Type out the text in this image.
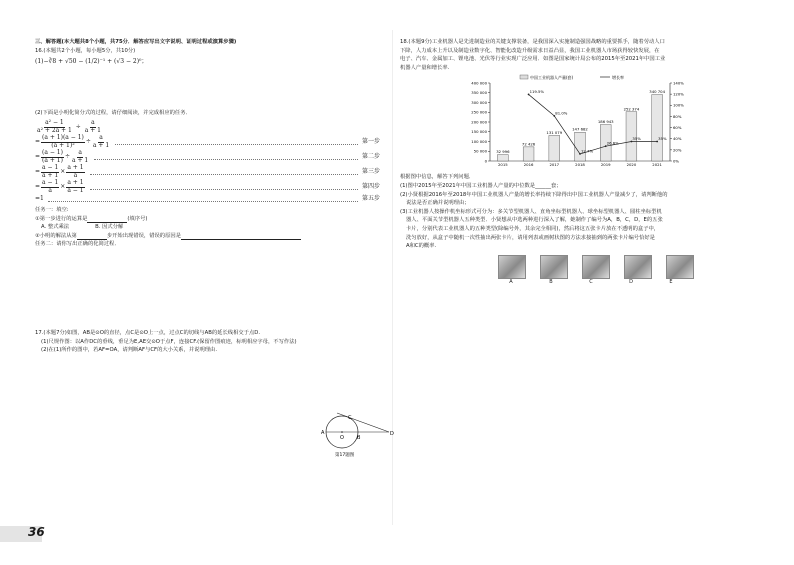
三、解答题(本大题共8个小题，共75分．解答应写出文字说明、证明过程或演算步骤)
16.(本题共2个小题，每小题5分，共10分)
(1)−∛8 + √50 − (1/2)⁻¹ + (√3 − 2)⁰；
(2)下面是小明化简分式的过程，请仔细阅读，并完成相应的任务．
$\frac{\text{a² − 1}}{\text{a² + 2a + 1}} \div \frac{a}{a + 1}$
= $\frac{(a + 1)(a - 1)}{\text{(a + 1)²}} \div \frac{a}{a + 1}$	第一步
= $\frac{(a - 1)}{(a + 1)} \div \frac{a}{a + 1}$	第二步
= $\frac{a - 1}{a + 1} \times \frac{a + 1}{a}$	第三步
= $\frac{a - 1}{a} \times \frac{a + 1}{a - 1}$	第四步
=1	第五步
任务一：填空:
①第一步进行的运算是	(填序号)
A. 整式乘法	B. 因式分解
②小明的解法从第	步开始出现错误，错误的原因是
任务二：请你写出正确的化简过程．
17.(本题7分)如图，AB是⊙O的直径，点C是⊙O上一点，过点C的切线与AB的延长线相交于点D.
(1)尺规作图：以A作DC的垂线，垂足为E,AE交⊙O于点F，连接CF.(保留作图痕迹，标明相应字母，不写作法)
(2)在(1)所作的图中，若AF=OA，请判断AF与CF的大小关系，并说明理由.
A
O	B
C
D
第17题图
18.(本题9分)工业机器人是先进制造业的关键支撑装备，是我国深入实施制造强国战略的重要抓手，随着劳动人口
下降，人力成本上升以及制造业数字化、智能化改造升级需求日益凸显，我国工业机器人市场获得较快发展，在
电子、汽车、金属加工、锂电池、光伏等行业实现广泛应用．如图是国家统计局公布的2015年至2021年中国工业
机器人产量和增长率.
中国工业机器人产量(套)	增长率
0
50 000
100 000
150 000
200 000
250 000
300 000
350 000
400 000
0%
20%
40%
60%
80%
100%
120%
140%
32 996
2015
72 426
2016
131 079
2017
147 682
2018
186 943
2019
252 374
2020
340 704
2021
119.5%
81.0%
12.7%
26.6%
35%	35%
根据图中信息，解答下列问题．
(1)图中2015年至2021年中国工业机器人产量的中位数是______套；
(2)小贤根据2016年至2018年中国工业机器人产量的增长率持续下降得出中国工业机器人产量减少了，请判断他的
说法是否正确并说明理由；
(3)工业机器人按操作机坐标形式可分为：多关节型机器人、直角坐标型机器人、球坐标型机器人、圆柱坐标型机
器人、平面关节型机器人五种类型．小贤想从中选两种进行深入了解，她制作了编号为A，B，C，D，E的五张
卡片，分别代表工业机器人的五种类型(除编号外，其余完全相同)，然后将这五张卡片放在不透明的盒子中，
洗匀放好，从盒子中随机一次性抽出两张卡片，请用列表或画树状图的方法求接抽到的两张卡片编号恰好是
A和C的概率.
A	B	C	D	E
36
